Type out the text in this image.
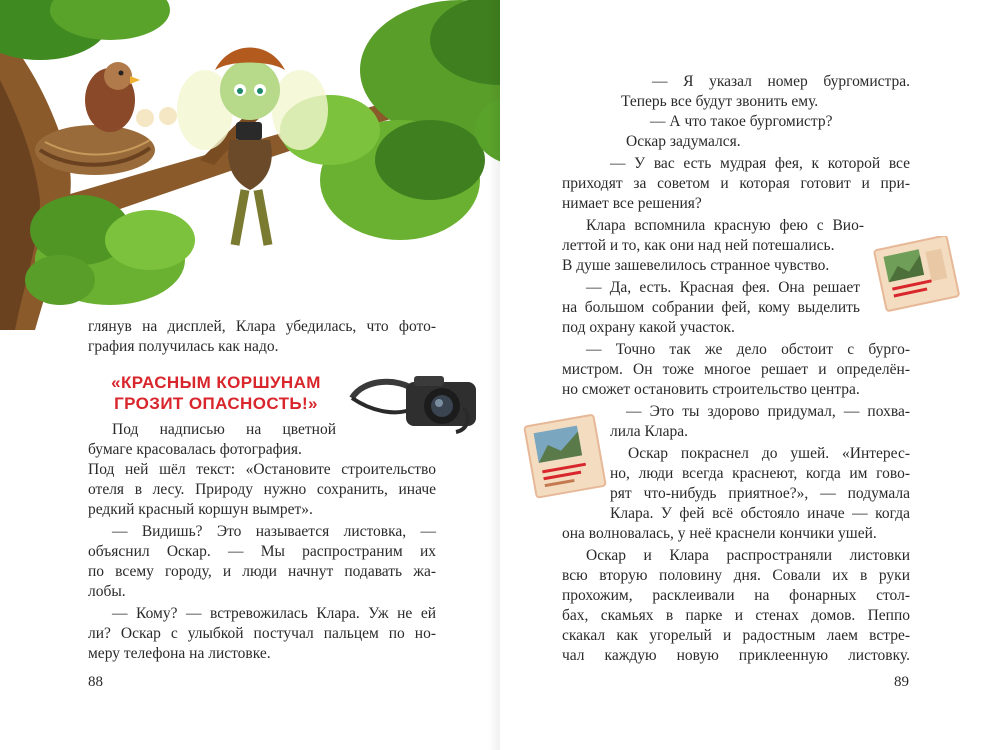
глянув на дисплей, Клара убедилась, что фото-
графия получилась как надо.
«КРАСНЫМ КОРШУНАМ
ГРОЗИТ ОПАСНОСТЬ!»
Под надписью на цветной
бумаге красовалась фотография.
Под ней шёл текст: «Остановите строительство
отеля в лесу. Природу нужно сохранить, иначе
редкий красный коршун вымрет».
— Видишь? Это называется листовка, —
объяснил Оскар. — Мы распространим их
по всему городу, и люди начнут подавать жа-
лобы.
— Кому? — встревожилась Клара. Уж не ей
ли? Оскар с улыбкой постучал пальцем по но-
меру телефона на листовке.
88
— Я указал номер бургомистра.
Теперь все будут звонить ему.
— А что такое бургомистр?
Оскар задумался.
— У вас есть мудрая фея, к которой все
приходят за советом и которая готовит и при-
нимает все решения?
Клара вспомнила красную фею с Вио-
леттой и то, как они над ней потешались.
В душе зашевелилось странное чувство.
— Да, есть. Красная фея. Она решает
на большом собрании фей, кому выделить
под охрану какой участок.
— Точно так же дело обстоит с бурго-
мистром. Он тоже многое решает и определён-
но сможет остановить строительство центра.
— Это ты здорово придумал, — похва-
лила Клара.
Оскар покраснел до ушей. «Интерес-
но, люди всегда краснеют, когда им гово-
рят что-нибудь приятное?», — подумала
Клара. У фей всё обстояло иначе — когда
она волновалась, у неё краснели кончики ушей.
Оскар и Клара распространяли листовки
всю вторую половину дня. Совали их в руки
прохожим, расклеивали на фонарных стол-
бах, скамьях в парке и стенах домов. Пеппо
скакал как угорелый и радостным лаем встре-
чал каждую новую приклеенную листовку.
89
